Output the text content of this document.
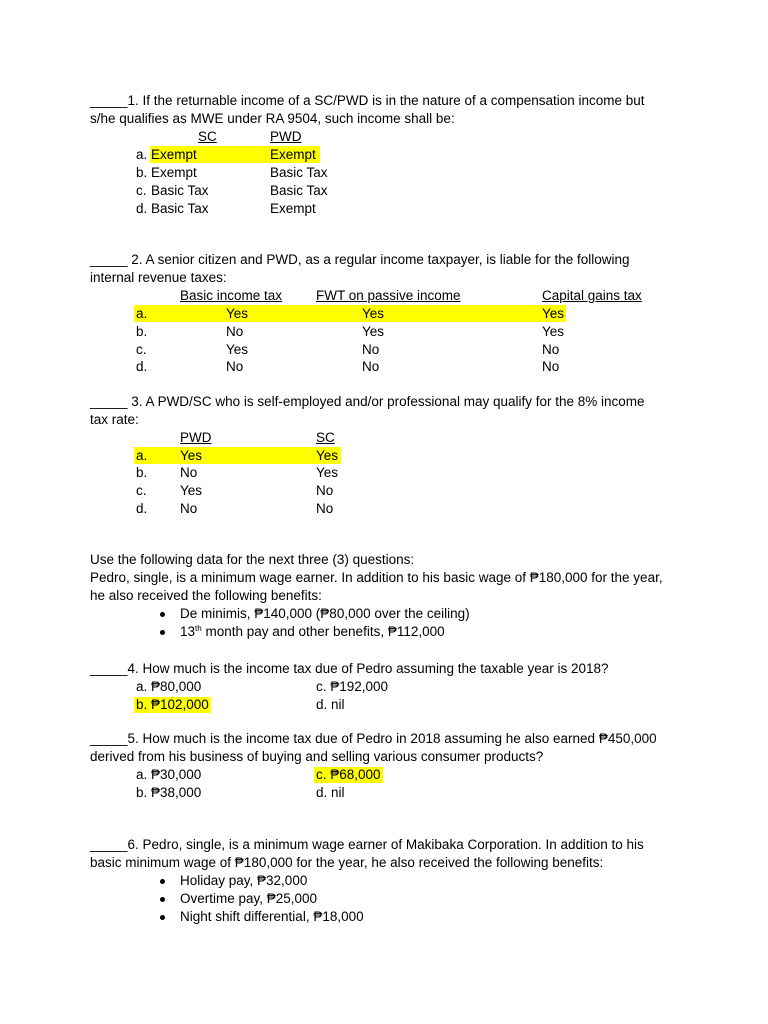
_____1. If the returnable income of a SC/PWD is in the nature of a compensation income but
s/he qualifies as MWE under RA 9504, such income shall be:
SC	PWD
a. Exempt	Exempt
b. Exempt	Basic Tax
c. Basic Tax	Basic Tax
d. Basic Tax	Exempt
_____ 2. A senior citizen and PWD, as a regular income taxpayer, is liable for the following
internal revenue taxes:
Basic income tax	FWT on passive income	Capital gains tax
a.	Yes	Yes	Yes
b.	No	Yes	Yes
c.	Yes	No	No
d.	No	No	No
_____ 3. A PWD/SC who is self-employed and/or professional may qualify for the 8% income
tax rate:
PWD	SC
a. Yes	Yes
b. No	Yes
c. Yes	No
d. No	No
Use the following data for the next three (3) questions:
Pedro, single, is a minimum wage earner. In addition to his basic wage of ₱180,000 for the year,
he also received the following benefits:
De minimis, ₱140,000 (₱80,000 over the ceiling)
13th month pay and other benefits, ₱112,000
_____4. How much is the income tax due of Pedro assuming the taxable year is 2018?
a. ₱80,000	c. ₱192,000
b. ₱102,000	d. nil
_____5. How much is the income tax due of Pedro in 2018 assuming he also earned ₱450,000
derived from his business of buying and selling various consumer products?
a. ₱30,000	c. ₱68,000
b. ₱38,000	d. nil
_____6. Pedro, single, is a minimum wage earner of Makibaka Corporation. In addition to his
basic minimum wage of ₱180,000 for the year, he also received the following benefits:
Holiday pay, ₱32,000
Overtime pay, ₱25,000
Night shift differential, ₱18,000
